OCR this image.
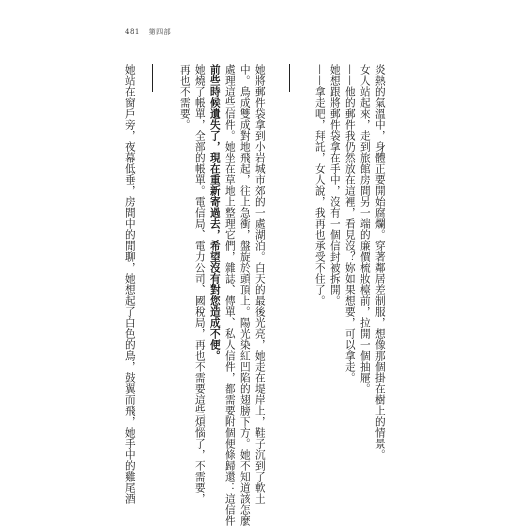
481 第四部
炎熱的氣溫中，身體正要開始腐爛。穿著鄰居差制服，想像那個掛在樹上的情景。
女人站起來，走到旅館房間另一端的廉價梳妝檯前，拉開一個抽屜。
——他的郵件我仍然放在這裡，看見沒？妳如果想要，可以拿走。
她想跟將郵件袋拿在手中，沒有一個信封被拆開。
——拿走吧，拜託，女人說，我再也承受不住了。
她將郵件袋拿到小岩城市郊的一處湖泊。白天的最後光亮，她走在堤岸上，鞋子沉到了軟土
中。鳥成雙成對地飛起，往上急衝，盤旋於頭頂上。陽光染紅凹陷的翅膀下方。她不知道該怎麼
處理這些信件。她坐在草地上整理它們，雜誌、傳單、私人信件，都需要附個便條歸還：這信件
前些時候遺失了，現在重新寄過去，希望沒有對您造成不便。
她燒了帳單，全部的帳單。電信局、電力公司、國稅局，再也不需要這些煩惱了，不需要，
再也不需要。
她站在窗戶旁，夜幕低垂，房間中的閒聊，她想起了白色的鳥，鼓翼而飛，她手中的雞尾酒
